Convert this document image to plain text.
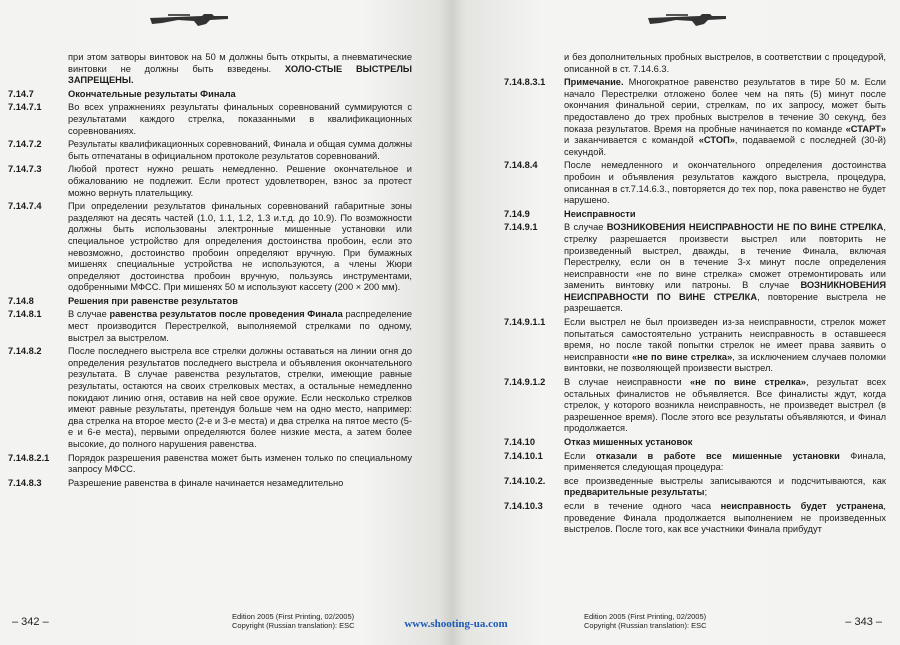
при этом затворы винтовок на 50 м должны быть открыты, а пневматические винтовки не должны быть взведены. ХОЛО-СТЫЕ ВЫСТРЕЛЫ ЗАПРЕЩЕНЫ.
7.14.7	Окончательные результаты Финала
7.14.7.1	Во всех упражнениях результаты финальных соревнований суммируются с результатами каждого стрелка, показанными в квалификационных соревнованиях.
7.14.7.2	Результаты квалификационных соревнований, Финала и общая сумма должны быть отпечатаны в официальном протоколе результатов соревнований.
7.14.7.3	Любой протест нужно решать немедленно. Решение окончательное и обжалованию не подлежит. Если протест удовлетворен, взнос за протест можно вернуть плательщику.
7.14.7.4	При определении результатов финальных соревнований габаритные зоны разделяют на десять частей (1.0, 1.1, 1.2, 1.3 и.т.д. до 10.9). По возможности должны быть использованы электронные мишенные установки или специальное устройство для определения достоинства пробоин, если это невозможно, достоинство пробоин определяют вручную. При бумажных мишенях специальные устройства не используются, а члены Жюри определяют достоинства пробоин вручную, пользуясь инструментами, одобренными МФСС. При мишенях 50 м используют кассету (200 × 200 мм).
7.14.8	Решения при равенстве результатов
7.14.8.1	В случае равенства результатов после проведения Финала распределение мест производится Перестрелкой, выполняемой стрелками по одному, выстрел за выстрелом.
7.14.8.2	После последнего выстрела все стрелки должны оставаться на линии огня до определения результатов последнего выстрела и объявления окончательного результата. В случае равенства результатов, стрелки, имеющие равные результаты, остаются на своих стрелковых местах, а остальные немедленно покидают линию огня, оставив на ней свое оружие. Если несколько стрелков имеют равные результаты, претендуя больше чем на одно место, например: два стрелка на второе место (2-е и 3-е места) и два стрелка на пятое место (5-е и 6-е места), первыми определяются более низкие места, а затем более высокие, до полного нарушения равенства.
7.14.8.2.1	Порядок разрешения равенства может быть изменен только по специальному запросу МФСС.
7.14.8.3	Разрешение равенства в финале начинается незамедлительно
– 342 –	Edition 2005 (First Printing, 02/2005)
Copyright (Russian translation): ESC
и без дополнительных пробных выстрелов, в соответствии с процедурой, описанной в ст. 7.14.6.3.
7.14.8.3.1	Примечание. Многократное равенство результатов в тире 50 м. Если начало Перестрелки отложено более чем на пять (5) минут после окончания финальной серии, стрелкам, по их запросу, может быть предоставлено до трех пробных выстрелов в течение 30 секунд, без показа результатов. Время на пробные начинается по команде «СТАРТ» и заканчивается с командой «СТОП», подаваемой с последней (30-й) секундой.
7.14.8.4	После немедленного и окончательного определения достоинства пробоин и объявления результатов каждого выстрела, процедура, описанная в ст.7.14.6.3., повторяется до тех пор, пока равенство не будет нарушено.
7.14.9	Неисправности
7.14.9.1	В случае ВОЗНИКОВЕНИЯ НЕИСПРАВНОСТИ НЕ ПО ВИНЕ СТРЕЛКА, стрелку разрешается произвести выстрел или повторить не произведенный выстрел, дважды, в течение Финала, включая Перестрелку, если он в течение 3-х минут после определения неисправности «не по вине стрелка» сможет отремонтировать или заменить винтовку или патроны. В случае ВОЗНИКНОВЕНИЯ НЕИСПРАВНОСТИ ПО ВИНЕ СТРЕЛКА, повторение выстрела не разрешается.
7.14.9.1.1	Если выстрел не был произведен из-за неисправности, стрелок может попытаться самостоятельно устранить неисправность в оставшееся время, но после такой попытки стрелок не имеет права заявить о неисправности «не по вине стрелка», за исключением случаев поломки винтовки, не позволяющей произвести выстрел.
7.14.9.1.2	В случае неисправности «не по вине стрелка», результат всех остальных финалистов не объявляется. Все финалисты ждут, когда стрелок, у которого возникла неисправность, не произведет выстрел (в разрешенное время). После этого все результаты объявляются, и Финал продолжается.
7.14.10	Отказ мишенных установок
7.14.10.1	Если отказали в работе все мишенные установки Финала, применяется следующая процедура:
7.14.10.2.	все произведенные выстрелы записываются и подсчитываются, как предварительные результаты;
7.14.10.3	если в течение одного часа неисправность будет устранена, проведение Финала продолжается выполнением не произведенных выстрелов. После того, как все участники Финала прибудут
– 343 –
Edition 2005 (First Printing, 02/2005)
Copyright (Russian translation): ESC
www.shooting-ua.com
